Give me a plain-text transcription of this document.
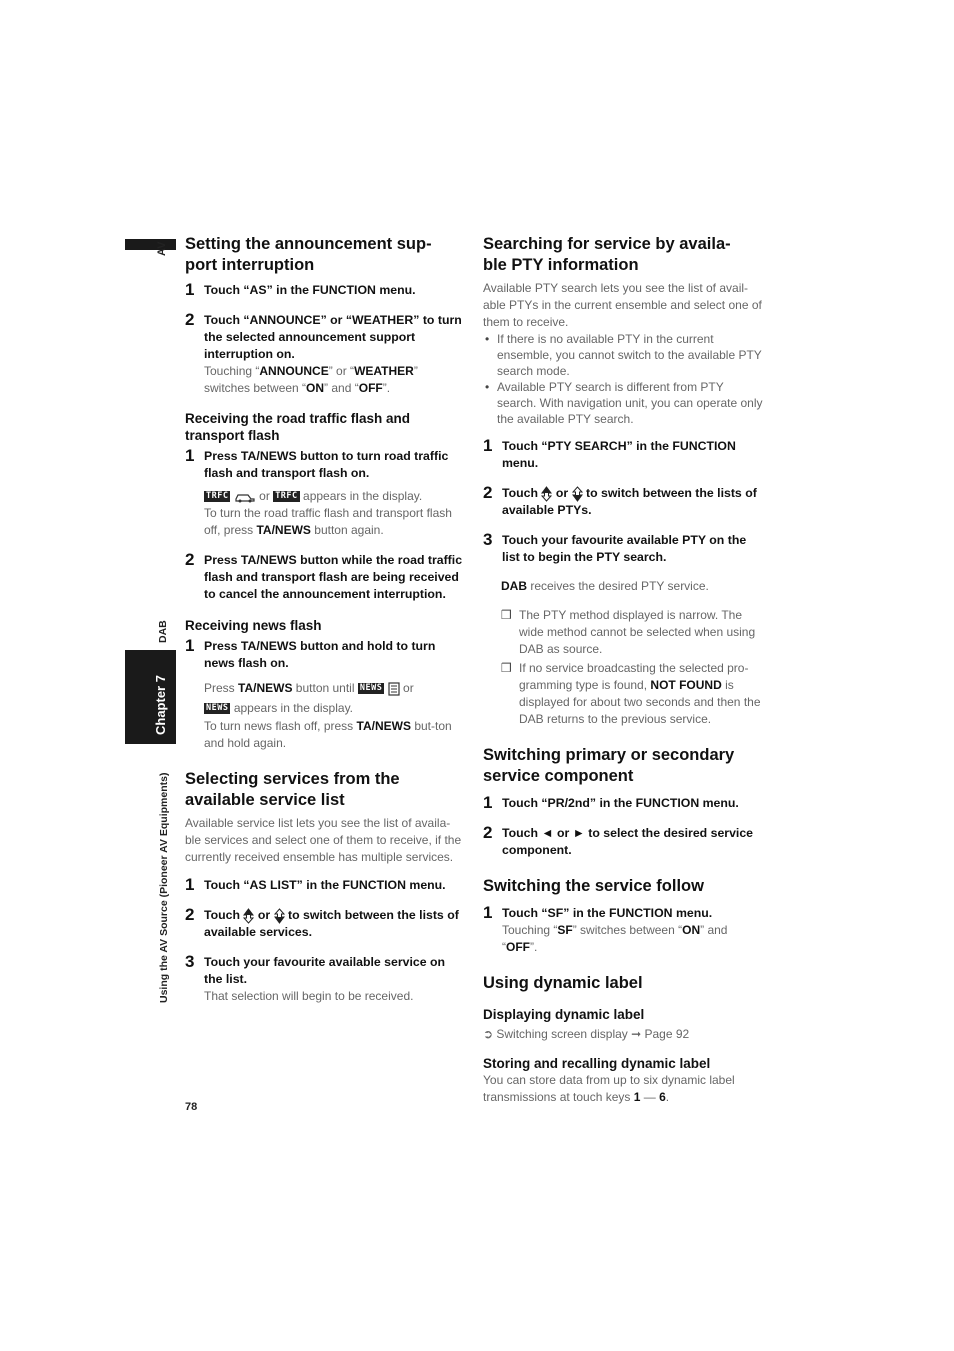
AV
DAB
Chapter 7
Using the AV Source (Pioneer AV Equipments)
78
Setting the announcement sup-
port interruption
1 Touch “AS” in the FUNCTION menu.

2 Touch “ANNOUNCE” or “WEATHER” to turn the selected announcement support interruption on.

Touching “ANNOUNCE” or “WEATHER” switches between “ON” and “OFF”.

Receiving the road traffic flash and transport flash
1 Press TA/NEWS button to turn road traffic flash and transport flash on.

TRFC	or TRFC appears in the display.
To turn the road traffic flash and transport flash off, press TA/NEWS button again.

2 Press TA/NEWS button while the road traffic flash and transport flash are being received to cancel the announcement interruption.

Receiving news flash
1 Press TA/NEWS button and hold to turn news flash on.

Press TA/NEWS button until NEWS or
NEWS appears in the display.

To turn news flash off, press TA/NEWS but-ton and hold again.

Selecting services from the available service list

Available service list lets you see the list of availa-ble services and select one of them to receive, if the currently received ensemble has multiple services.

1 Touch “AS LIST” in the FUNCTION menu.

2 Touch or to switch between the lists of available services.

3 Touch your favourite available service on the list.

That selection will begin to be received.

Searching for service by availa-
ble PTY information

Available PTY search lets you see the list of avail-able PTYs in the current ensemble and select one of them to receive.

• If there is no available PTY in the current ensemble, you cannot switch to the available PTY search mode.
• Available PTY search is different from PTY search. With navigation unit, you can operate only the available PTY search.
1 Touch “PTY SEARCH” in the FUNCTION menu.

2 Touch or to switch between the lists of available PTYs.

3 Touch your favourite available PTY on the list to begin the PTY search.

DAB receives the desired PTY service.

❒ The PTY method displayed is narrow. The wide method cannot be selected when using DAB as source.
❒ If no service broadcasting the selected pro-gramming type is found, NOT FOUND is displayed for about two seconds and then the DAB returns to the previous service.
Switching primary or secondary service component
1 Touch “PR/2nd” in the FUNCTION menu.

2 Touch ◄ or ► to select the desired service component.

Switching the service follow
1 Touch “SF” in the FUNCTION menu.

Touching “SF” switches between “ON” and “OFF”.

Using dynamic label
Displaying dynamic label

➲ Switching screen display ➞ Page 92

Storing and recalling dynamic label

You can store data from up to six dynamic label transmissions at touch keys 1 — 6.
